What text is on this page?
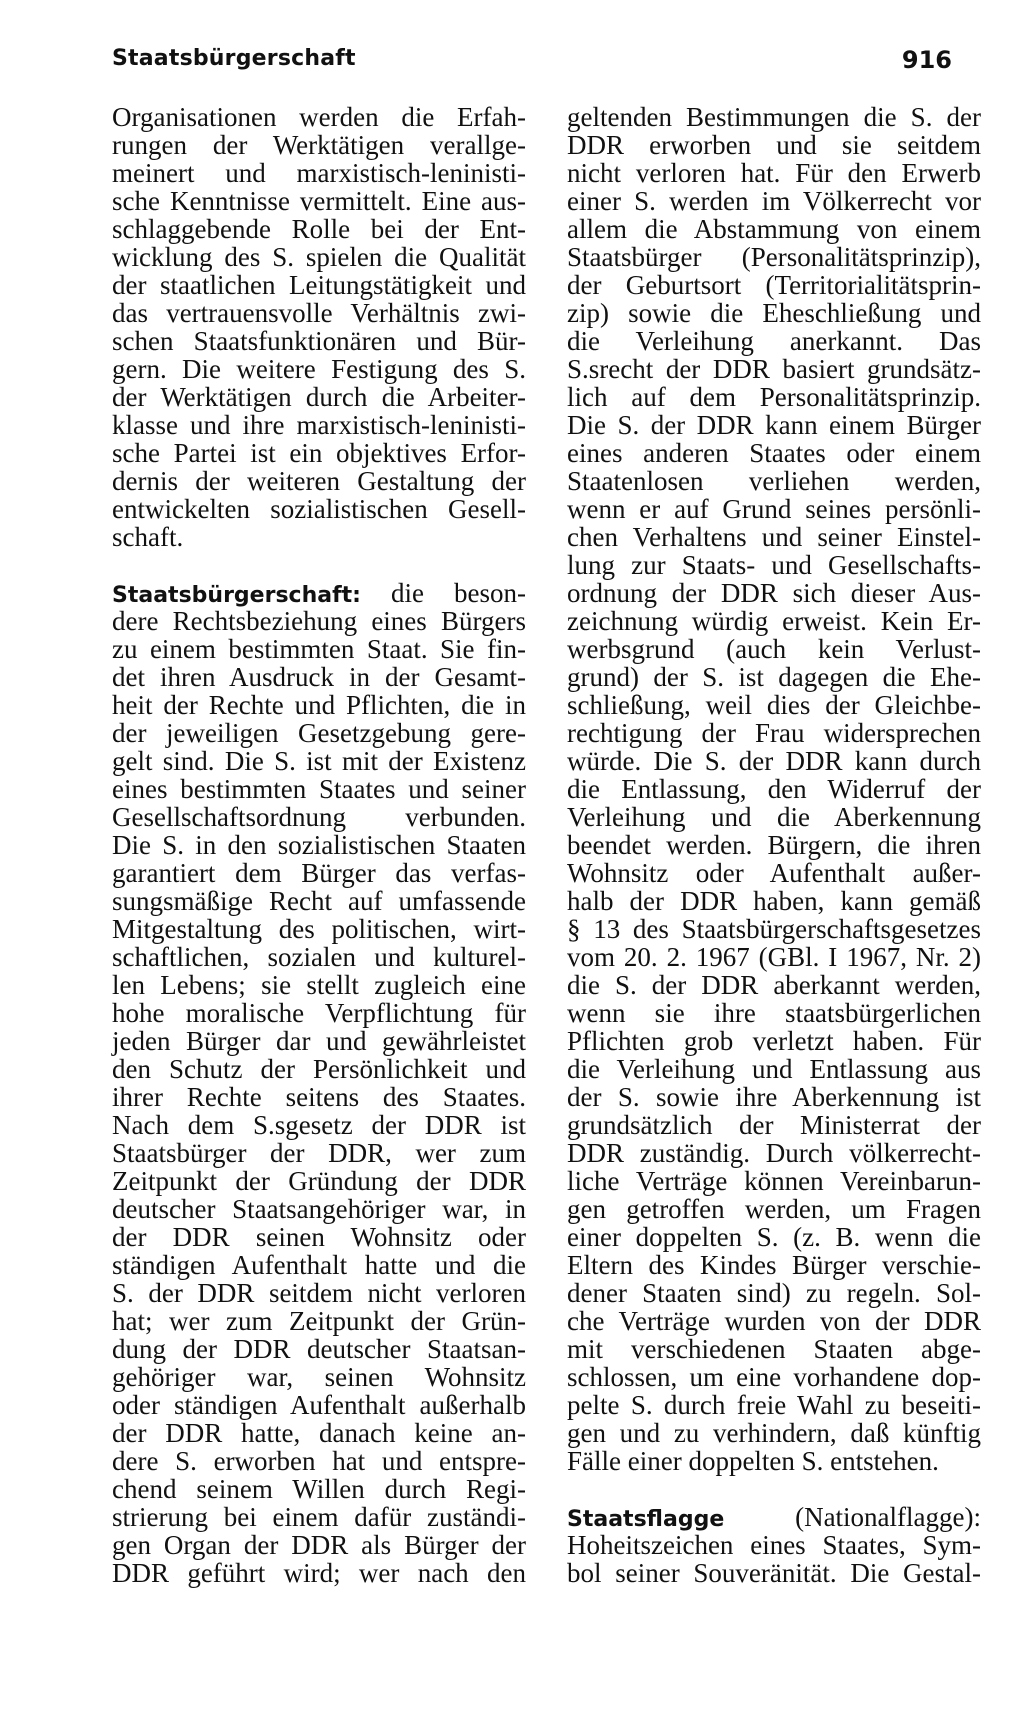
Staatsbürgerschaft	916

Organisationen werden die Erfah-
rungen der Werktätigen verallge-
meinert und marxistisch-leninisti-
sche Kenntnisse vermittelt. Eine aus-
schlaggebende Rolle bei der Ent-
wicklung des S. spielen die Qualität
der staatlichen Leitungstätigkeit und
das vertrauensvolle Verhältnis zwi-
schen Staatsfunktionären und Bür-
gern. Die weitere Festigung des S.
der Werktätigen durch die Arbeiter-
klasse und ihre marxistisch-leninisti-
sche Partei ist ein objektives Erfor-
dernis der weiteren Gestaltung der
entwickelten sozialistischen Gesell-
schaft.

Staatsbürgerschaft: die beson-
dere Rechtsbeziehung eines Bürgers
zu einem bestimmten Staat. Sie fin-
det ihren Ausdruck in der Gesamt-
heit der Rechte und Pflichten, die in
der jeweiligen Gesetzgebung gere-
gelt sind. Die S. ist mit der Existenz
eines bestimmten Staates und seiner
Gesellschaftsordnung verbunden.
Die S. in den sozialistischen Staaten
garantiert dem Bürger das verfas-
sungsmäßige Recht auf umfassende
Mitgestaltung des politischen, wirt-
schaftlichen, sozialen und kulturel-
len Lebens; sie stellt zugleich eine
hohe moralische Verpflichtung für
jeden Bürger dar und gewährleistet
den Schutz der Persönlichkeit und
ihrer Rechte seitens des Staates.
Nach dem S.sgesetz der DDR ist
Staatsbürger der DDR, wer zum
Zeitpunkt der Gründung der DDR
deutscher Staatsangehöriger war, in
der DDR seinen Wohnsitz oder
ständigen Aufenthalt hatte und die
S. der DDR seitdem nicht verloren
hat; wer zum Zeitpunkt der Grün-
dung der DDR deutscher Staatsan-
gehöriger war, seinen Wohnsitz
oder ständigen Aufenthalt außerhalb
der DDR hatte, danach keine an-
dere S. erworben hat und entspre-
chend seinem Willen durch Regi-
strierung bei einem dafür zuständi-
gen Organ der DDR als Bürger der
DDR geführt wird; wer nach den

geltenden Bestimmungen die S. der
DDR erworben und sie seitdem
nicht verloren hat. Für den Erwerb
einer S. werden im Völkerrecht vor
allem die Abstammung von einem
Staatsbürger (Personalitätsprinzip),
der Geburtsort (Territorialitätsprin-
zip) sowie die Eheschließung und
die Verleihung anerkannt. Das
S.srecht der DDR basiert grundsätz-
lich auf dem Personalitätsprinzip.
Die S. der DDR kann einem Bürger
eines anderen Staates oder einem
Staatenlosen verliehen werden,
wenn er auf Grund seines persönli-
chen Verhaltens und seiner Einstel-
lung zur Staats- und Gesellschafts-
ordnung der DDR sich dieser Aus-
zeichnung würdig erweist. Kein Er-
werbsgrund (auch kein Verlust-
grund) der S. ist dagegen die Ehe-
schließung, weil dies der Gleichbe-
rechtigung der Frau widersprechen
würde. Die S. der DDR kann durch
die Entlassung, den Widerruf der
Verleihung und die Aberkennung
beendet werden. Bürgern, die ihren
Wohnsitz oder Aufenthalt außer-
halb der DDR haben, kann gemäß
§ 13 des Staatsbürgerschaftsgesetzes
vom 20. 2. 1967 (GBl. I 1967, Nr. 2)
die S. der DDR aberkannt werden,
wenn sie ihre staatsbürgerlichen
Pflichten grob verletzt haben. Für
die Verleihung und Entlassung aus
der S. sowie ihre Aberkennung ist
grundsätzlich der Ministerrat der
DDR zuständig. Durch völkerrecht-
liche Verträge können Vereinbarun-
gen getroffen werden, um Fragen
einer doppelten S. (z. B. wenn die
Eltern des Kindes Bürger verschie-
dener Staaten sind) zu regeln. Sol-
che Verträge wurden von der DDR
mit verschiedenen Staaten abge-
schlossen, um eine vorhandene dop-
pelte S. durch freie Wahl zu beseiti-
gen und zu verhindern, daß künftig
Fälle einer doppelten S. entstehen.

Staatsflagge	(Nationalflagge):
Hoheitszeichen eines Staates, Sym-
bol seiner Souveränität. Die Gestal-
